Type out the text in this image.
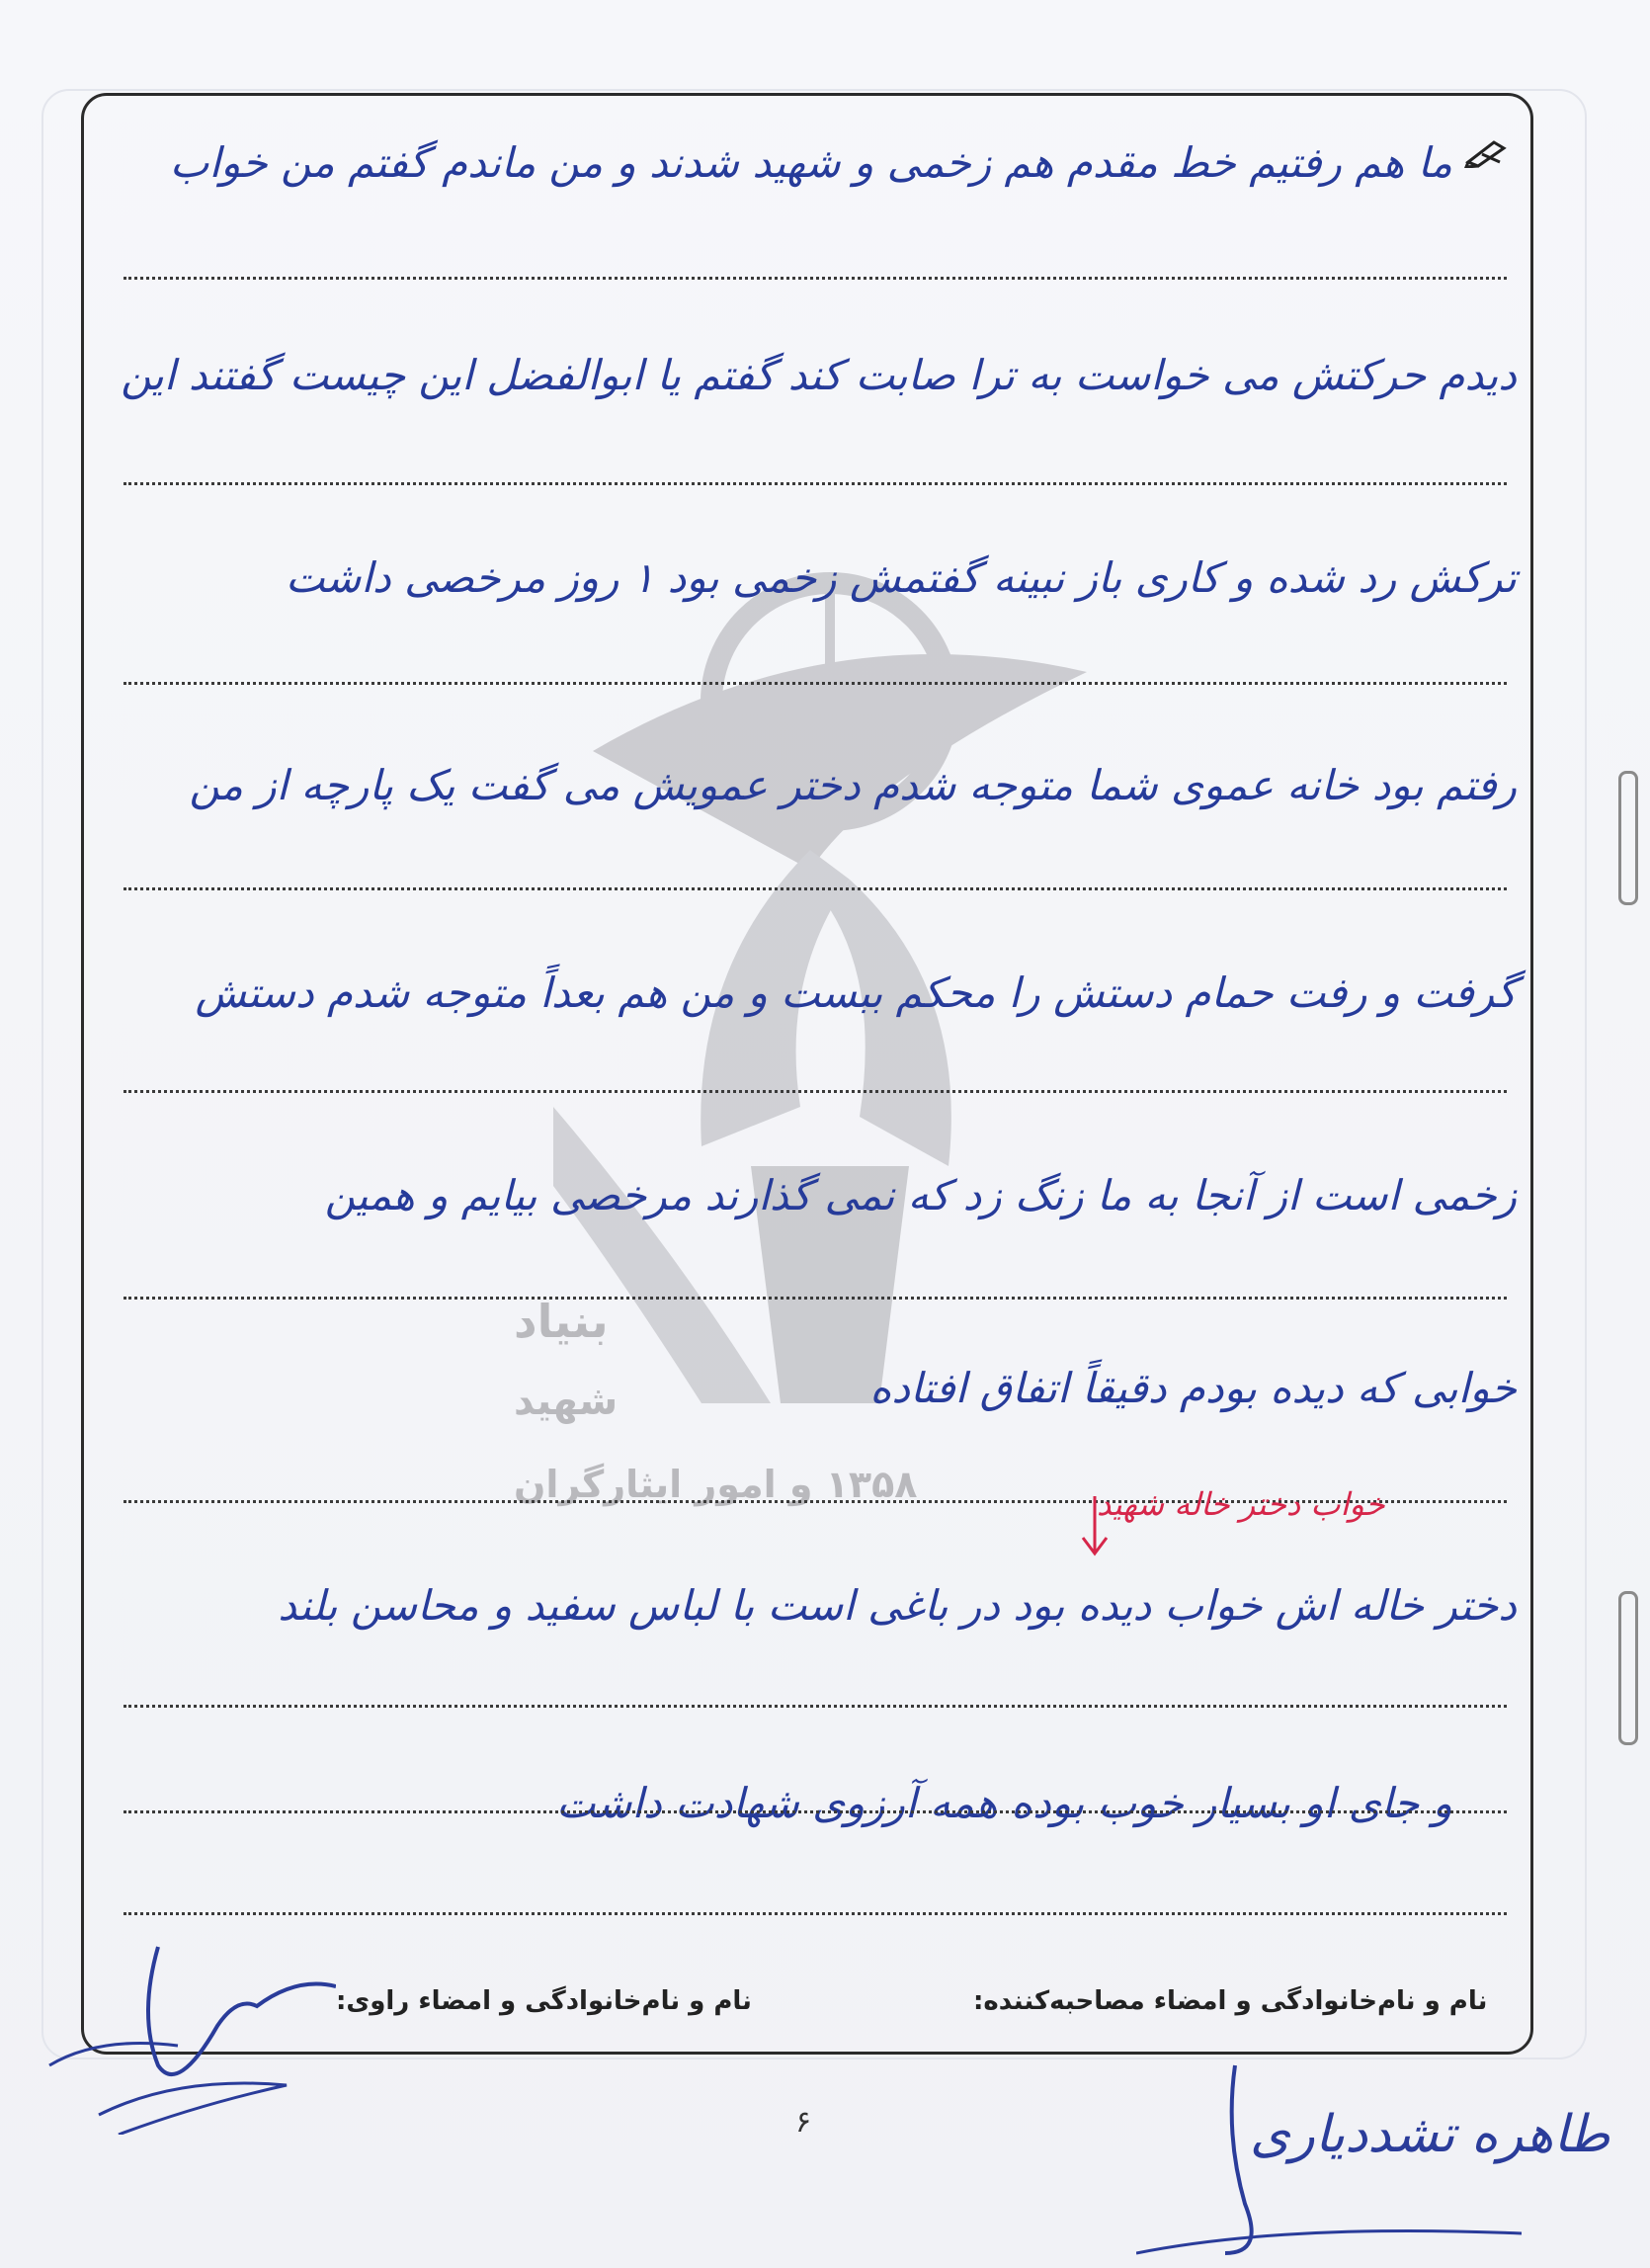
بنیاد
شهید
۱۳۵۸ و امور ایثارگران
ما هم رفتیم خط مقدم هم زخمی و شهید شدند و من ماندم گفتم من خواب
دیدم حرکتش می خواست به ترا صابت کند گفتم یا ابوالفضل این چیست گفتند این
ترکش رد شده و کاری باز نبینه گفتمش زخمی بود ۱ روز مرخصی داشت
رفتم بود خانه عموی شما متوجه شدم دختر عمویش می گفت یک پارچه از من
گرفت و رفت حمام دستش را محکم ببست و من هم بعداً متوجه شدم دستش
زخمی است از آنجا به ما زنگ زد که نمی گذارند مرخصی بیایم و همین
خوابی که دیده بودم دقیقاً اتفاق افتاده
خواب دختر خاله شهید
دختر خاله اش خواب دیده بود در باغی است با لباس سفید و محاسن بلند
و جای او بسیار خوب بوده همه آرزوی شهادت داشت
نام و نام‌خانوادگی و امضاء مصاحبه‌کننده:
نام و نام‌خانوادگی و امضاء راوی:
۶	طاهره تشددیاری
